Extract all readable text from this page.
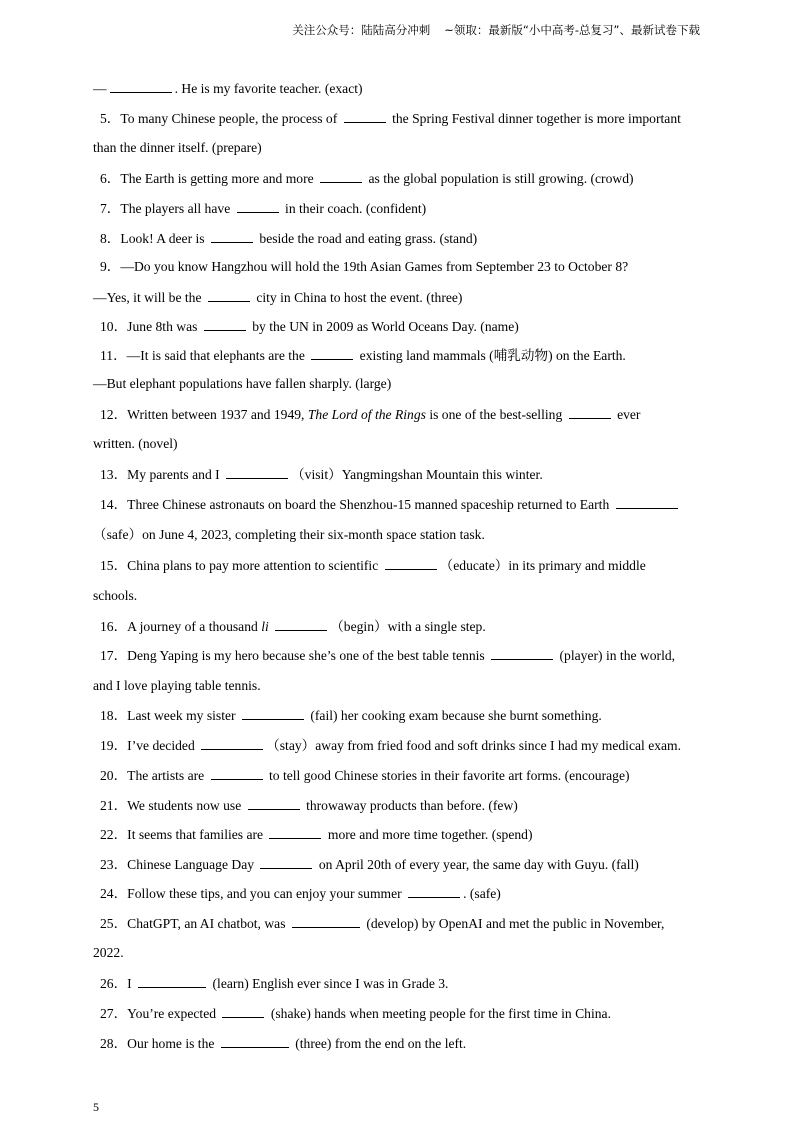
关注公众号：陆陆高分冲刺 ~领取：最新版“小中高考-总复习”、最新试卷下载
—	. He is my favorite teacher. (exact)
5．To many Chinese people, the process of	the Spring Festival dinner together is more important
than the dinner itself. (prepare)
6．The Earth is getting more and more	as the global population is still growing. (crowd)
7．The players all have	in their coach. (confident)
8．Look! A deer is	beside the road and eating grass. (stand)
9．—Do you know Hangzhou will hold the 19th Asian Games from September 23 to October 8?
—Yes, it will be the	city in China to host the event. (three)
10．June 8th was	by the UN in 2009 as World Oceans Day. (name)
11．—It is said that elephants are the	existing land mammals (哺乳动物) on the Earth.
—But elephant populations have fallen sharply. (large)
12．Written between 1937 and 1949, The Lord of the Rings is one of the best-selling	ever
written. (novel)
13．My parents and I	（visit）Yangmingshan Mountain this winter.
14．Three Chinese astronauts on board the Shenzhou-15 manned spaceship returned to Earth
（safe）on June 4, 2023, completing their six-month space station task.
15．China plans to pay more attention to scientific	（educate）in its primary and middle
schools.
16．A journey of a thousand li	（begin）with a single step.
17．Deng Yaping is my hero because she’s one of the best table tennis	(player) in the world,
and I love playing table tennis.
18．Last week my sister	(fail) her cooking exam because she burnt something.
19．I’ve decided	（stay）away from fried food and soft drinks since I had my medical exam.
20．The artists are	to tell good Chinese stories in their favorite art forms. (encourage)
21．We students now use	throwaway products than before. (few)
22．It seems that families are	more and more time together. (spend)
23．Chinese Language Day	on April 20th of every year, the same day with Guyu. (fall)
24．Follow these tips, and you can enjoy your summer	. (safe)
25．ChatGPT, an AI chatbot, was	(develop) by OpenAI and met the public in November,
2022.
26．I	(learn) English ever since I was in Grade 3.
27．You’re expected	(shake) hands when meeting people for the first time in China.
28．Our home is the	(three) from the end on the left.
5
